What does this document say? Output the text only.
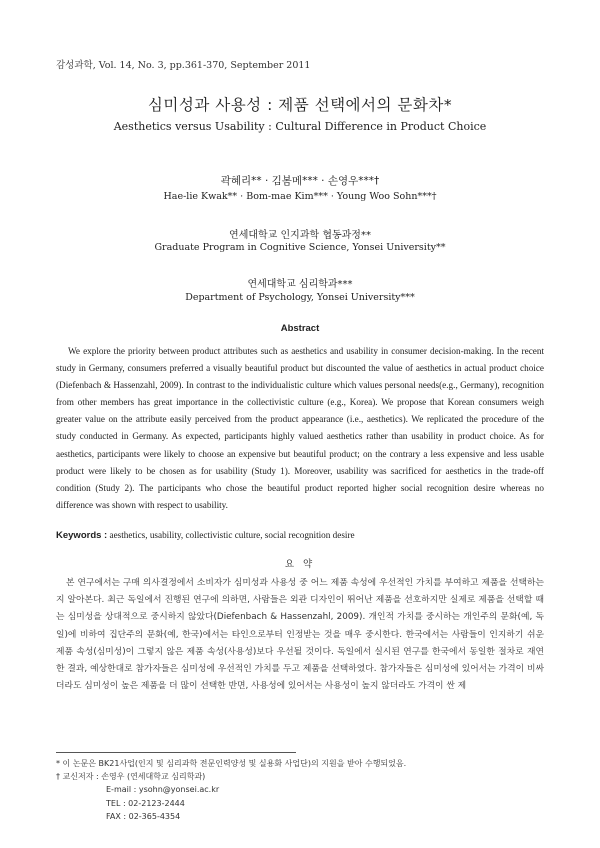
감성과학, Vol. 14, No. 3, pp.361-370, September 2011
심미성과 사용성 : 제품 선택에서의 문화차*
Aesthetics versus Usability : Cultural Difference in Product Choice
곽혜리** · 김봄메*** · 손영우***†
Hae-lie Kwak** · Bom-mae Kim*** · Young Woo Sohn***†
연세대학교 인지과학 협동과정**
Graduate Program in Cognitive Science, Yonsei University**
연세대학교 심리학과***
Department of Psychology, Yonsei University***
Abstract

We explore the priority between product attributes such as aesthetics and usability in consumer decision-making. In the recent study in Germany, consumers preferred a visually beautiful product but discounted the value of aesthetics in actual product choice (Diefenbach & Hassenzahl, 2009). In contrast to the individualistic culture which values personal needs(e.g., Germany), recognition from other members has great importance in the collectivistic culture (e.g., Korea). We propose that Korean consumers weigh greater value on the attribute easily perceived from the product appearance (i.e., aesthetics). We replicated the procedure of the study conducted in Germany. As expected, participants highly valued aesthetics rather than usability in product choice. As for aesthetics, participants were likely to choose an expensive but beautiful product; on the contrary a less expensive and less usable product were likely to be chosen as for usability (Study 1). Moreover, usability was sacrificed for aesthetics in the trade-off condition (Study 2). The participants who chose the beautiful product reported higher social recognition desire whereas no difference was shown with respect to usability.

Keywords : aesthetics, usability, collectivistic culture, social recognition desire
요 약

본 연구에서는 구매 의사결정에서 소비자가 심미성과 사용성 중 어느 제품 속성에 우선적인 가치를 부여하고 제품을 선택하는지 알아본다. 최근 독일에서 진행된 연구에 의하면, 사람들은 외관 디자인이 뛰어난 제품을 선호하지만 실제로 제품을 선택할 때는 심미성을 상대적으로 중시하지 않았다(Diefenbach & Hassenzahl, 2009). 개인적 가치를 중시하는 개인주의 문화(예, 독일)에 비하여 집단주의 문화(예, 한국)에서는 타인으로부터 인정받는 것을 매우 중시한다. 한국에서는 사람들이 인지하기 쉬운 제품 속성(심미성)이 그렇지 않은 제품 속성(사용성)보다 우선될 것이다. 독일에서 실시된 연구를 한국에서 동일한 절차로 재연한 결과, 예상한대로 참가자들은 심미성에 우선적인 가치를 두고 제품을 선택하였다. 참가자들은 심미성에 있어서는 가격이 비싸더라도 심미성이 높은 제품을 더 많이 선택한 반면, 사용성에 있어서는 사용성이 높지 않더라도 가격이 싼 제

* 이 논문은 BK21사업(인지 및 심리과학 전문인력양성 및 실용화 사업단)의 지원을 받아 수행되었음.
† 교신저자 : 손영우 (연세대학교 심리학과)
E-mail : ysohn@yonsei.ac.kr
TEL : 02-2123-2444
FAX : 02-365-4354
